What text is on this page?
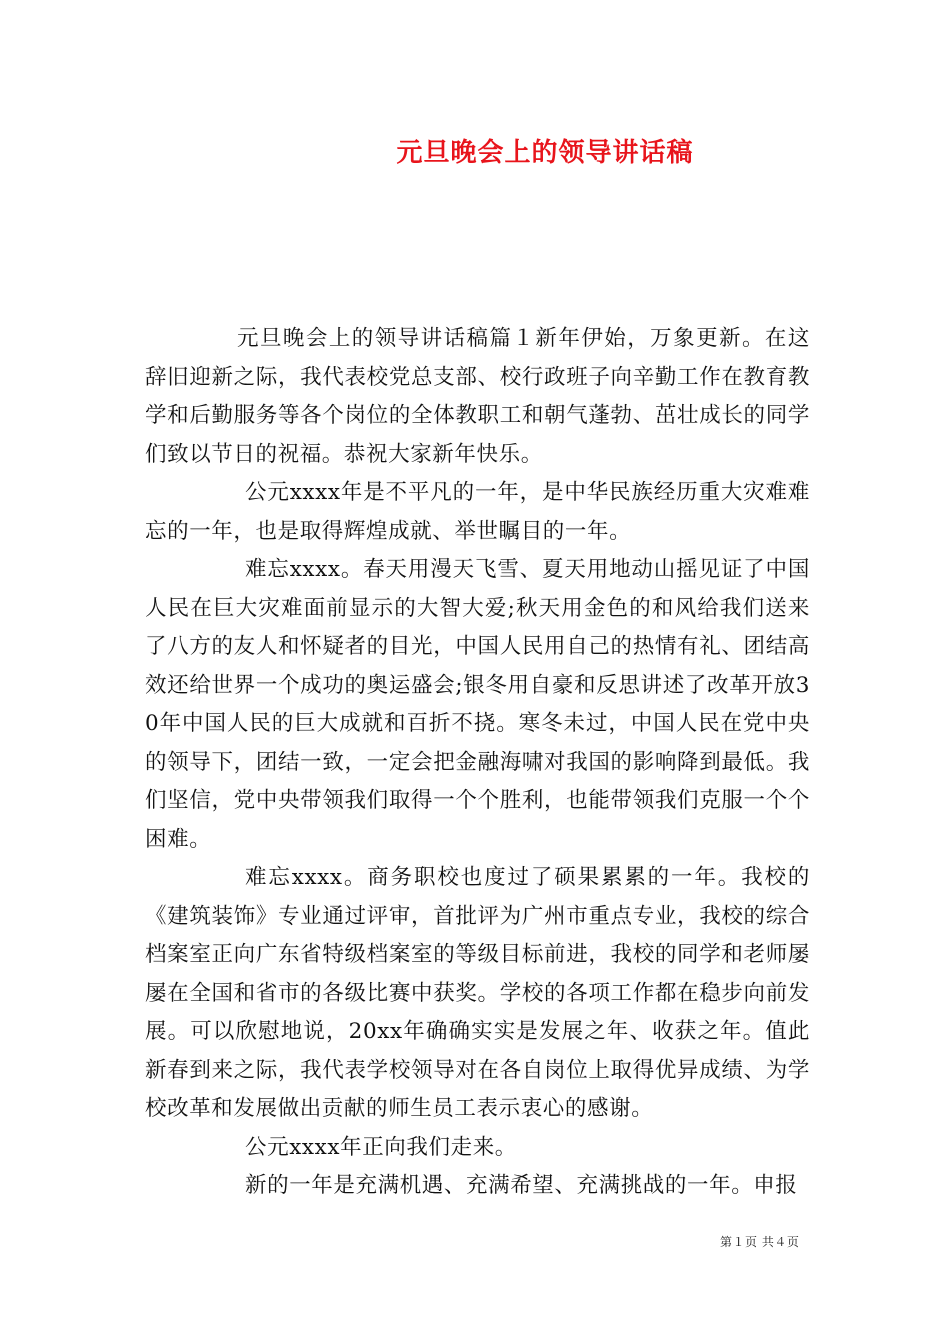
元旦晚会上的领导讲话稿

元旦晚会上的领导讲话稿篇１新年伊始，万象更新。在这辞旧迎新之际，我代表校党总支部、校行政班子向辛勤工作在教育教学和后勤服务等各个岗位的全体教职工和朝气蓬勃、茁壮成长的同学们致以节日的祝福。恭祝大家新年快乐。

公元xxxx年是不平凡的一年，是中华民族经历重大灾难难忘的一年，也是取得辉煌成就、举世瞩目的一年。

难忘xxxx。春天用漫天飞雪、夏天用地动山摇见证了中国人民在巨大灾难面前显示的大智大爱;秋天用金色的和风给我们送来了八方的友人和怀疑者的目光，中国人民用自己的热情有礼、团结高效还给世界一个成功的奥运盛会;银冬用自豪和反思讲述了改革开放30年中国人民的巨大成就和百折不挠。寒冬未过，中国人民在党中央的领导下，团结一致，一定会把金融海啸对我国的影响降到最低。我们坚信，党中央带领我们取得一个个胜利，也能带领我们克服一个个困难。

难忘xxxx。商务职校也度过了硕果累累的一年。我校的《建筑装饰》专业通过评审，首批评为广州市重点专业，我校的综合档案室正向广东省特级档案室的等级目标前进，我校的同学和老师屡屡在全国和省市的各级比赛中获奖。学校的各项工作都在稳步向前发展。可以欣慰地说，20xx年确确实实是发展之年、收获之年。值此新春到来之际，我代表学校领导对在各自岗位上取得优异成绩、为学校改革和发展做出贡献的师生员工表示衷心的感谢。

公元xxxx年正向我们走来。

新的一年是充满机遇、充满希望、充满挑战的一年。申报

第１页 共４页
